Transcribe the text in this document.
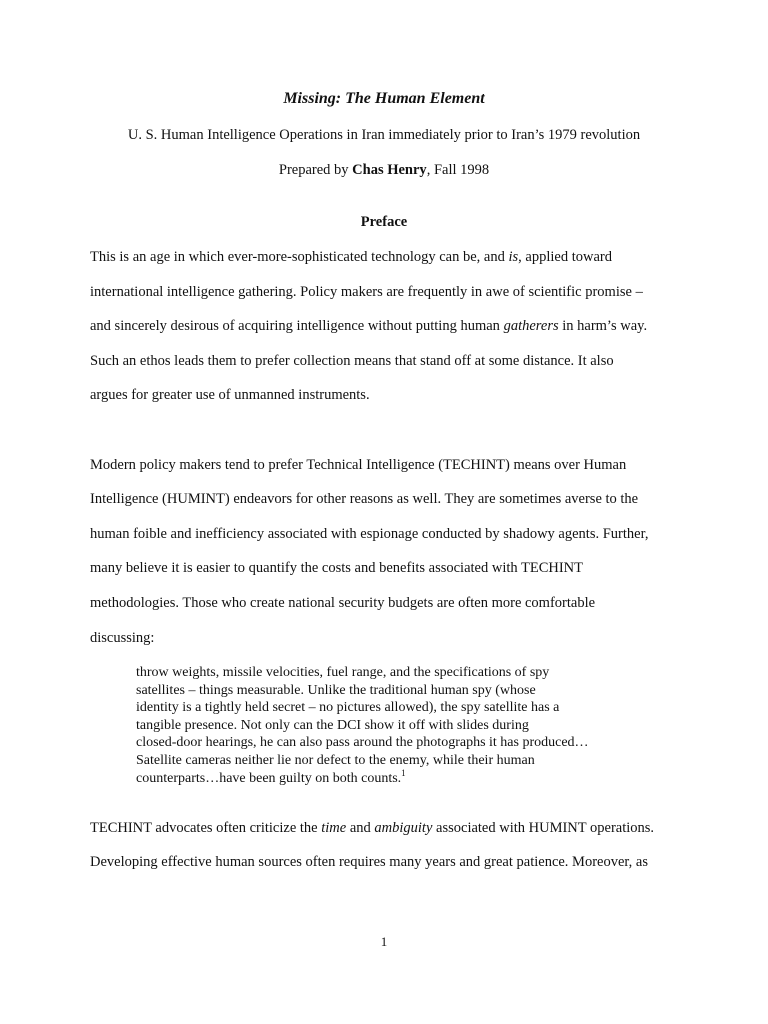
Missing: The Human Element
U. S. Human Intelligence Operations in Iran immediately prior to Iran’s 1979 revolution
Prepared by Chas Henry, Fall 1998
Preface
This is an age in which ever-more-sophisticated technology can be, and is, applied toward
international intelligence gathering. Policy makers are frequently in awe of scientific promise –
and sincerely desirous of acquiring intelligence without putting human gatherers in harm’s way.
Such an ethos leads them to prefer collection means that stand off at some distance. It also
argues for greater use of unmanned instruments.
Modern policy makers tend to prefer Technical Intelligence (TECHINT) means over Human
Intelligence (HUMINT) endeavors for other reasons as well. They are sometimes averse to the
human foible and inefficiency associated with espionage conducted by shadowy agents. Further,
many believe it is easier to quantify the costs and benefits associated with TECHINT
methodologies. Those who create national security budgets are often more comfortable
discussing:
throw weights, missile velocities, fuel range, and the specifications of spy
satellites – things measurable. Unlike the traditional human spy (whose
identity is a tightly held secret – no pictures allowed), the spy satellite has a
tangible presence. Not only can the DCI show it off with slides during
closed-door hearings, he can also pass around the photographs it has produced…
Satellite cameras neither lie nor defect to the enemy, while their human
counterparts…have been guilty on both counts.$^1$
TECHINT advocates often criticize the time and ambiguity associated with HUMINT operations.
Developing effective human sources often requires many years and great patience. Moreover, as
1
